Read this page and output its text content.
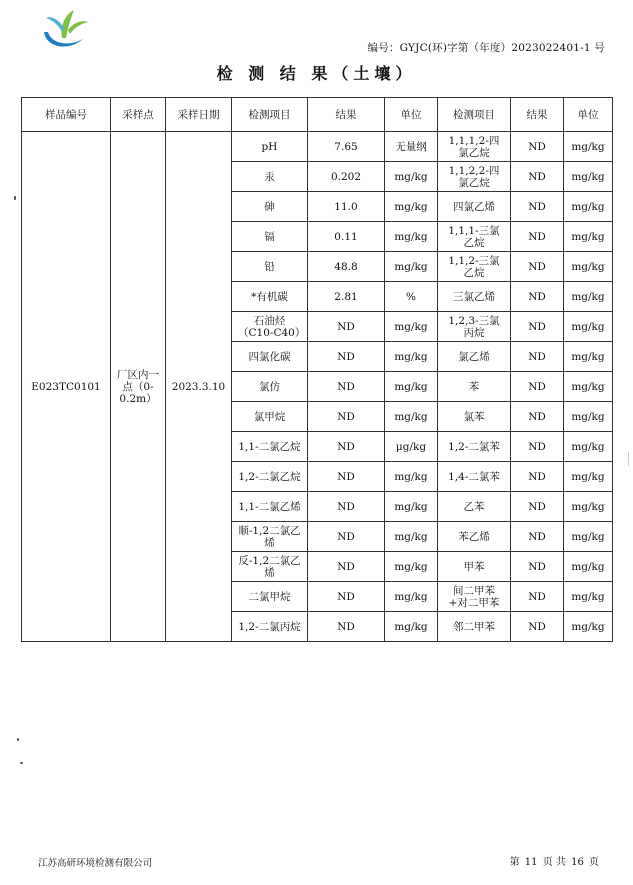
编号：GYJC(环)字第（年度）2023022401-1 号
检 测 结 果（土壤）
样品编号	采样点	采样日期	检测项目	结果	单位	检测项目	结果	单位
E023TC0101	厂区内一点（0-0.2m）	2023.3.10	pH	7.65	无量纲	1,1,1,2-四氯乙烷	ND	mg/kg
			汞	0.202	mg/kg	1,1,2,2-四氯乙烷	ND	mg/kg
			砷	11.0	mg/kg	四氯乙烯	ND	mg/kg
			镉	0.11	mg/kg	1,1,1-三氯乙烷	ND	mg/kg
			铅	48.8	mg/kg	1,1,2-三氯乙烷	ND	mg/kg
			*有机碳	2.81	%	三氯乙烯	ND	mg/kg
			石油烃（C10-C40）	ND	mg/kg	1,2,3-三氯丙烷	ND	mg/kg
			四氯化碳	ND	mg/kg	氯乙烯	ND	mg/kg
			氯仿	ND	mg/kg	苯	ND	mg/kg
			氯甲烷	ND	mg/kg	氯苯	ND	mg/kg
			1,1-二氯乙烷	ND	μg/kg	1,2-二氯苯	ND	mg/kg
			1,2-二氯乙烷	ND	mg/kg	1,4-二氯苯	ND	mg/kg
			1,1-二氯乙烯	ND	mg/kg	乙苯	ND	mg/kg
			顺-1,2二氯乙烯	ND	mg/kg	苯乙烯	ND	mg/kg
			反-1,2二氯乙烯	ND	mg/kg	甲苯	ND	mg/kg
			二氯甲烷	ND	mg/kg	间二甲苯+对二甲苯	ND	mg/kg
			1,2-二氯丙烷	ND	mg/kg	邻二甲苯	ND	mg/kg
江苏高研环境检测有限公司	第 11 页 共 16 页
